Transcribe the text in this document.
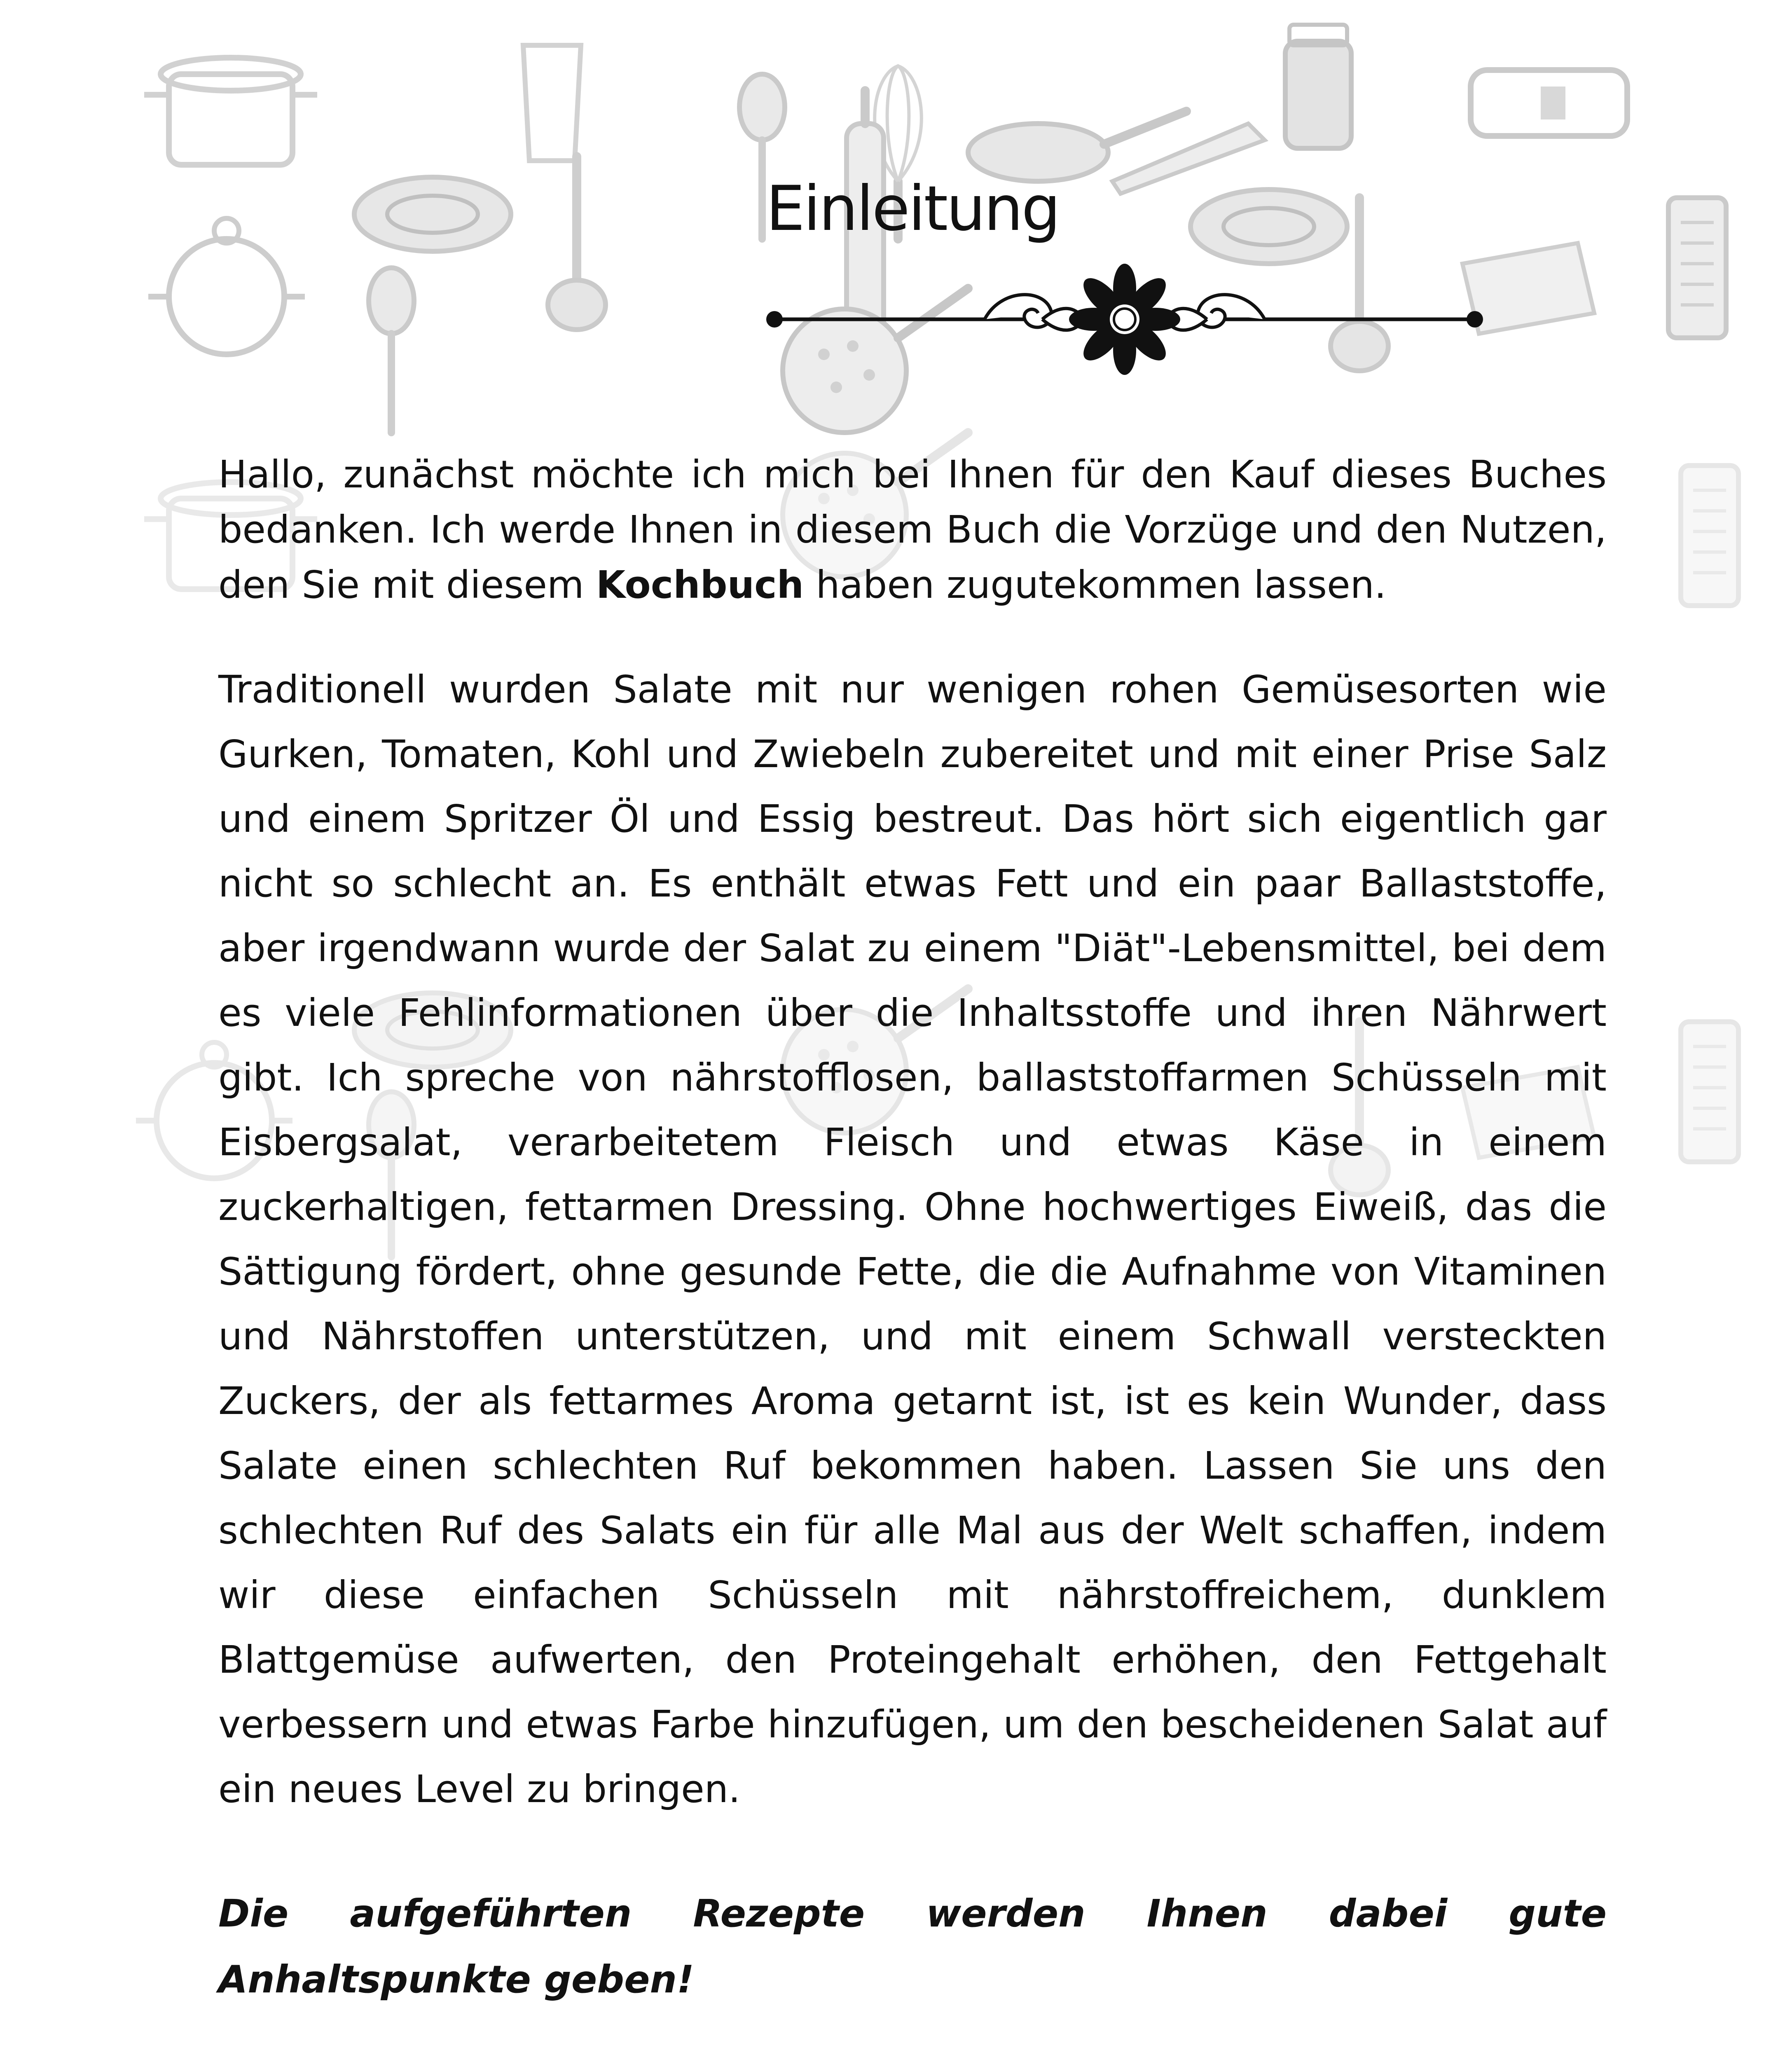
Einleitung

Hallo, zunächst möchte ich mich bei Ihnen für den Kauf dieses Buches bedanken. Ich werde Ihnen in diesem Buch die Vorzüge und den Nutzen, den Sie mit diesem Kochbuch haben zugutekommen lassen.

Traditionell wurden Salate mit nur wenigen rohen Gemüsesorten wie Gurken, Tomaten, Kohl und Zwiebeln zubereitet und mit einer Prise Salz und einem Spritzer Öl und Essig bestreut. Das hört sich eigentlich gar nicht so schlecht an. Es enthält etwas Fett und ein paar Ballaststoffe, aber irgendwann wurde der Salat zu einem "Diät"-Lebensmittel, bei dem es viele Fehlinformationen über die Inhaltsstoffe und ihren Nährwert gibt. Ich spreche von nährstofflosen, ballaststoffarmen Schüsseln mit Eisbergsalat, verarbeitetem Fleisch und etwas Käse in einem zuckerhaltigen, fettarmen Dressing. Ohne hochwertiges Eiweiß, das die Sättigung fördert, ohne gesunde Fette, die die Aufnahme von Vitaminen und Nährstoffen unterstützen, und mit einem Schwall versteckten Zuckers, der als fettarmes Aroma getarnt ist, ist es kein Wunder, dass Salate einen schlechten Ruf bekommen haben. Lassen Sie uns den schlechten Ruf des Salats ein für alle Mal aus der Welt schaffen, indem wir diese einfachen Schüsseln mit nährstoffreichem, dunklem Blattgemüse aufwerten, den Proteingehalt erhöhen, den Fettgehalt verbessern und etwas Farbe hinzufügen, um den bescheidenen Salat auf ein neues Level zu bringen.

Die aufgeführten Rezepte werden Ihnen dabei gute Anhaltspunkte geben!
